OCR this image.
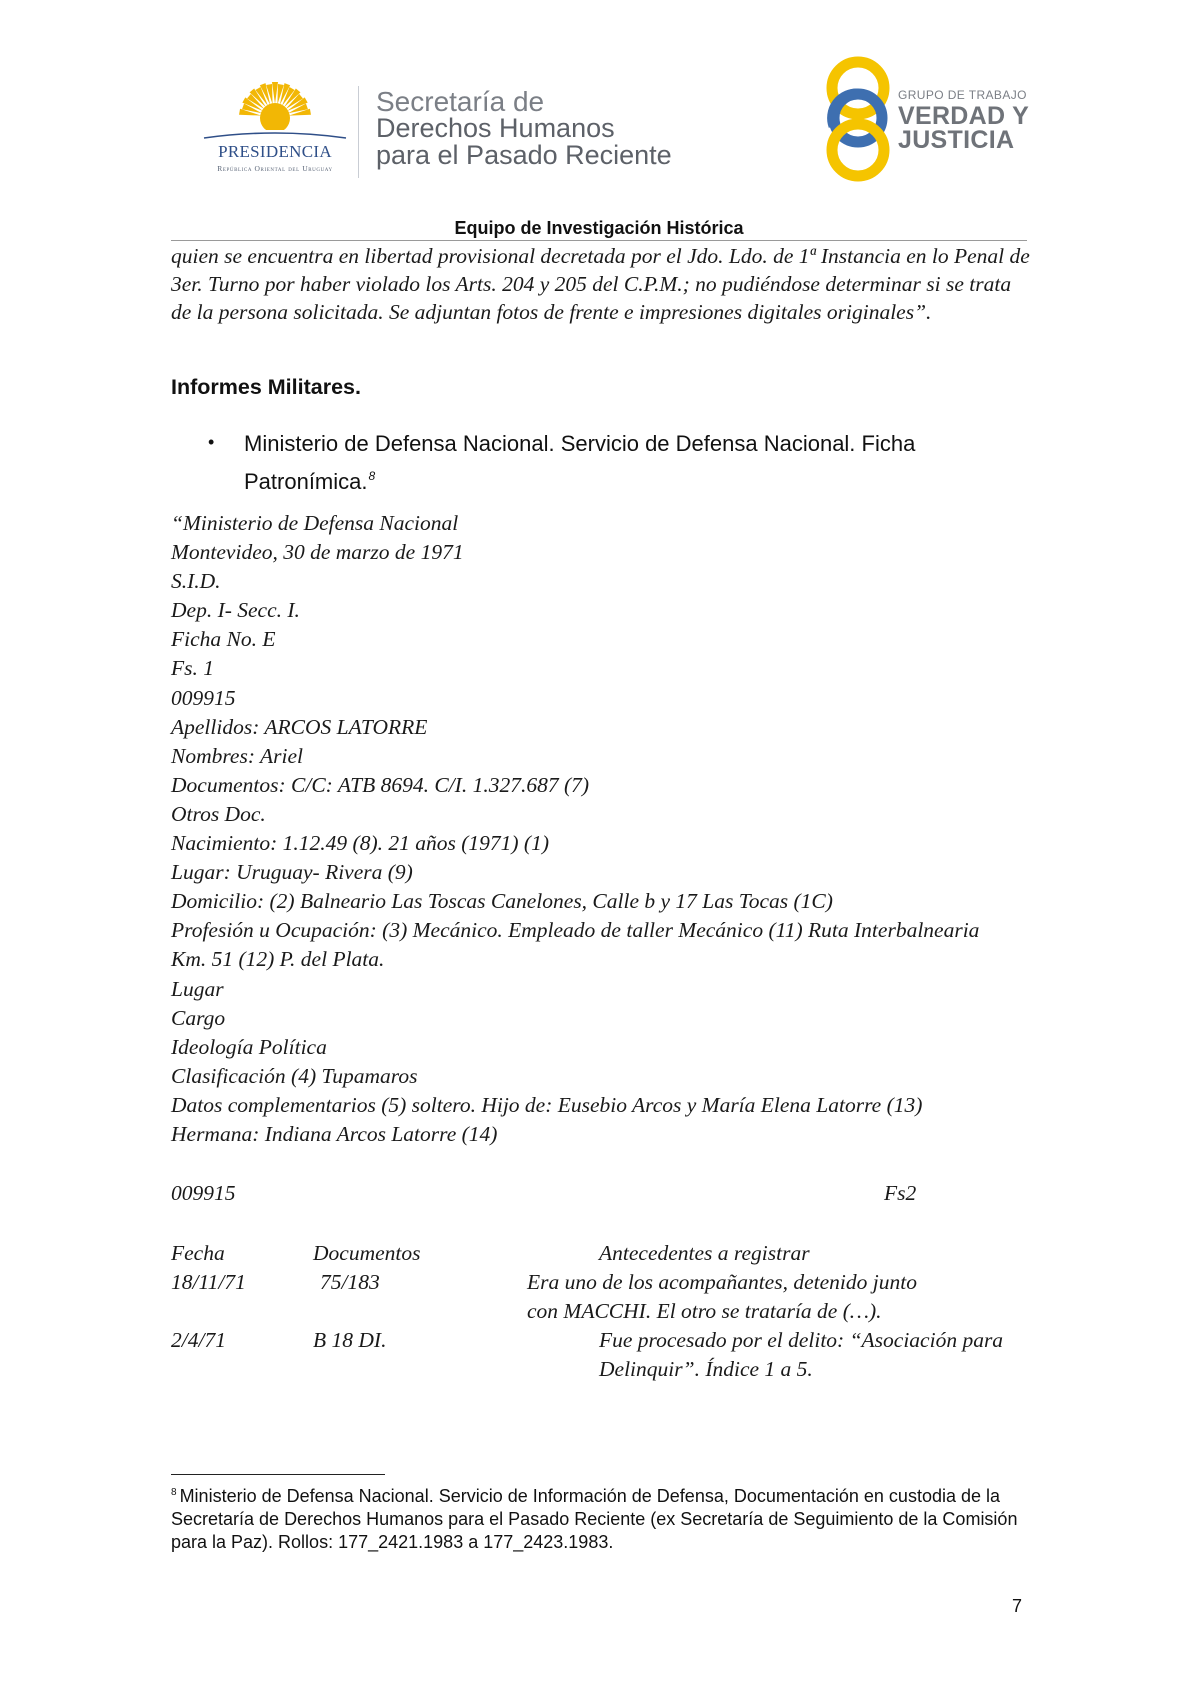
PRESIDENCIA
República Oriental del Uruguay
Secretaría de
Derechos Humanos
para el Pasado Reciente
GRUPO DE TRABAJO
VERDAD Y
JUSTICIA
Equipo de Investigación Histórica
quien se encuentra en libertad provisional decretada por el Jdo. Ldo. de 1ª Instancia en lo Penal de 3er. Turno por haber violado los Arts. 204 y 205 del C.P.M.; no pudiéndose determinar si se trata de la persona solicitada. Se adjuntan fotos de frente e impresiones digitales originales”.
Informes Militares.
• Ministerio de Defensa Nacional. Servicio de Defensa Nacional. Ficha Patronímica.$^8$
“Ministerio de Defensa Nacional
Montevideo, 30 de marzo de 1971
S.I.D.
Dep. I- Secc. I.
Ficha No. E
Fs. 1
009915
Apellidos: ARCOS LATORRE
Nombres: Ariel
Documentos: C/C: ATB 8694. C/I. 1.327.687 (7)
Otros Doc.
Nacimiento: 1.12.49 (8). 21 años (1971) (1)
Lugar: Uruguay- Rivera (9)
Domicilio: (2) Balneario Las Toscas Canelones, Calle b y 17 Las Tocas (1C)
Profesión u Ocupación: (3) Mecánico. Empleado de taller Mecánico (11) Ruta Interbalnearia
Km. 51 (12) P. del Plata.
Lugar
Cargo
Ideología Política
Clasificación (4) Tupamaros
Datos complementarios (5) soltero. Hijo de: Eusebio Arcos y María Elena Latorre (13)
Hermana: Indiana Arcos Latorre (14)
009915	Fs2
Fecha	Documentos	Antecedentes a registrar
18/11/71	75/183	Era uno de los acompañantes, detenido junto
con MACCHI. El otro se trataría de (…).
2/4/71	B 18 DI.	Fue procesado por el delito: “Asociación para
Delinquir”. Índice 1 a 5.
$^8$ Ministerio de Defensa Nacional. Servicio de Información de Defensa, Documentación en custodia de la Secretaría de Derechos Humanos para el Pasado Reciente (ex Secretaría de Seguimiento de la Comisión para la Paz). Rollos: 177_2421.1983 a 177_2423.1983.
7
